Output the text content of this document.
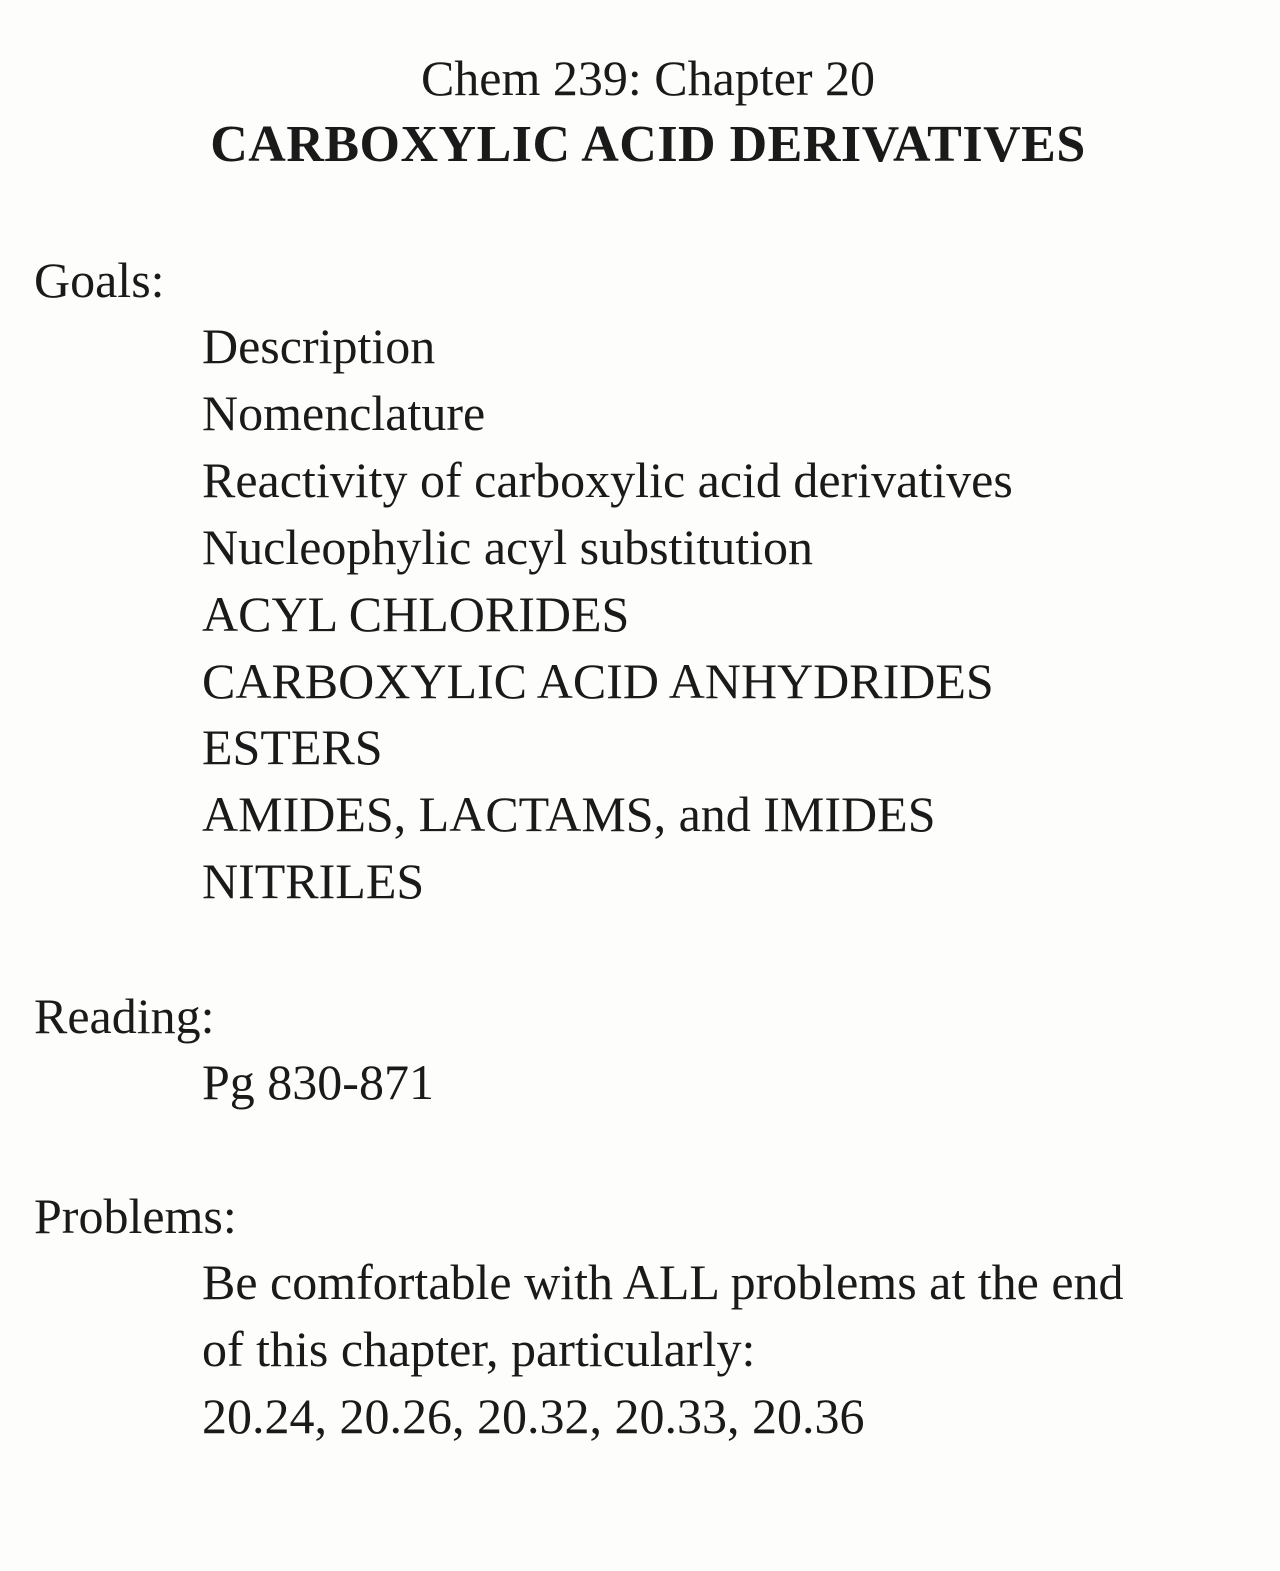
Chem 239: Chapter 20
CARBOXYLIC ACID DERIVATIVES

Goals:

Description

Nomenclature

Reactivity of carboxylic acid derivatives

Nucleophylic acyl substitution

ACYL CHLORIDES

CARBOXYLIC ACID ANHYDRIDES

ESTERS

AMIDES, LACTAMS, and IMIDES

NITRILES

Reading:

Pg 830-871

Problems:

Be comfortable with ALL problems at the end

of this chapter, particularly:

20.24, 20.26, 20.32, 20.33, 20.36
